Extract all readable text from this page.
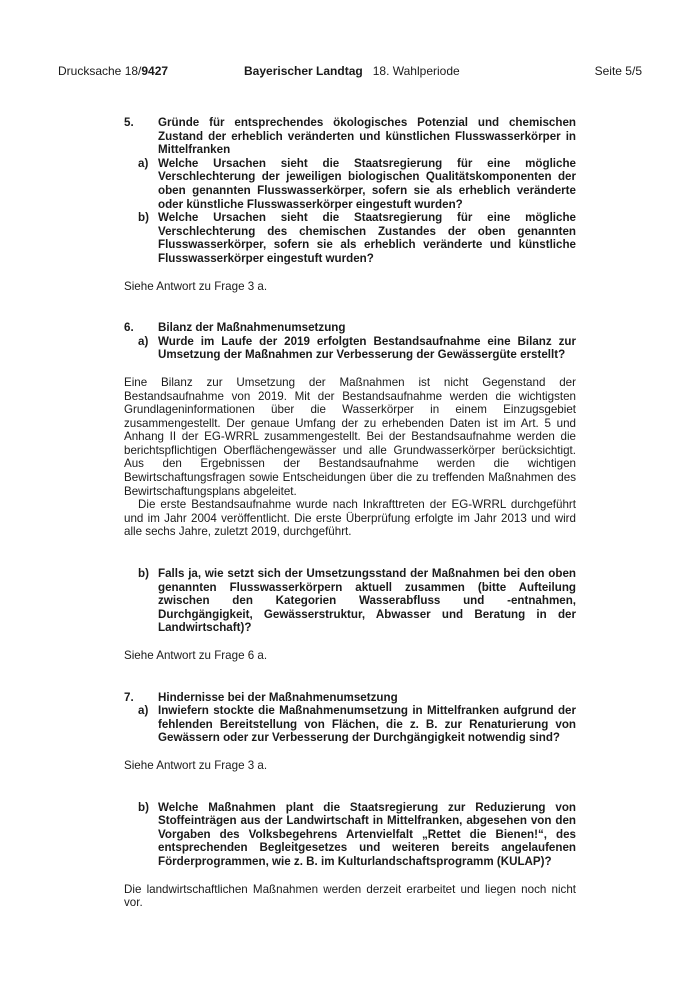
Drucksache 18/9427	Bayerischer Landtag 18. Wahlperiode	Seite 5/5

5. Gründe für entsprechendes ökologisches Potenzial und chemischen Zustand der erheblich veränderten und künstlichen Flusswasserkörper in Mittelfranken

a) Welche Ursachen sieht die Staatsregierung für eine mögliche Verschlechterung der jeweiligen biologischen Qualitätskomponenten der oben genannten Flusswasserkörper, sofern sie als erheblich veränderte oder künstliche Flusswasserkörper eingestuft wurden?

b) Welche Ursachen sieht die Staatsregierung für eine mögliche Verschlechterung des chemischen Zustandes der oben genannten Flusswasserkörper, sofern sie als erheblich veränderte und künstliche Flusswasserkörper eingestuft wurden?

Siehe Antwort zu Frage 3 a.

6. Bilanz der Maßnahmenumsetzung

a) Wurde im Laufe der 2019 erfolgten Bestandsaufnahme eine Bilanz zur Umsetzung der Maßnahmen zur Verbesserung der Gewässergüte erstellt?

Eine Bilanz zur Umsetzung der Maßnahmen ist nicht Gegenstand der Bestandsaufnahme von 2019. Mit der Bestandsaufnahme werden die wichtigsten Grundlageninformationen über die Wasserkörper in einem Einzugsgebiet zusammengestellt. Der genaue Umfang der zu erhebenden Daten ist im Art. 5 und Anhang II der EG-WRRL zusammengestellt. Bei der Bestandsaufnahme werden die berichtspflichtigen Oberflächengewässer und alle Grundwasserkörper berücksichtigt. Aus den Ergebnissen der Bestandsaufnahme werden die wichtigen Bewirtschaftungsfragen sowie Entscheidungen über die zu treffenden Maßnahmen des Bewirtschaftungsplans abgeleitet.

Die erste Bestandsaufnahme wurde nach Inkrafttreten der EG-WRRL durchgeführt und im Jahr 2004 veröffentlicht. Die erste Überprüfung erfolgte im Jahr 2013 und wird alle sechs Jahre, zuletzt 2019, durchgeführt.

b) Falls ja, wie setzt sich der Umsetzungsstand der Maßnahmen bei den oben genannten Flusswasserkörpern aktuell zusammen (bitte Aufteilung zwischen den Kategorien Wasserabfluss und -entnahmen, Durchgängigkeit, Gewässerstruktur, Abwasser und Beratung in der Landwirtschaft)?

Siehe Antwort zu Frage 6 a.

7. Hindernisse bei der Maßnahmenumsetzung

a) Inwiefern stockte die Maßnahmenumsetzung in Mittelfranken aufgrund der fehlenden Bereitstellung von Flächen, die z. B. zur Renaturierung von Gewässern oder zur Verbesserung der Durchgängigkeit notwendig sind?

Siehe Antwort zu Frage 3 a.

b) Welche Maßnahmen plant die Staatsregierung zur Reduzierung von Stoffeinträgen aus der Landwirtschaft in Mittelfranken, abgesehen von den Vorgaben des Volksbegehrens Artenvielfalt „Rettet die Bienen!“, des entsprechenden Begleitgesetzes und weiteren bereits angelaufenen Förderprogrammen, wie z. B. im Kulturlandschaftsprogramm (KULAP)?

Die landwirtschaftlichen Maßnahmen werden derzeit erarbeitet und liegen noch nicht vor.
